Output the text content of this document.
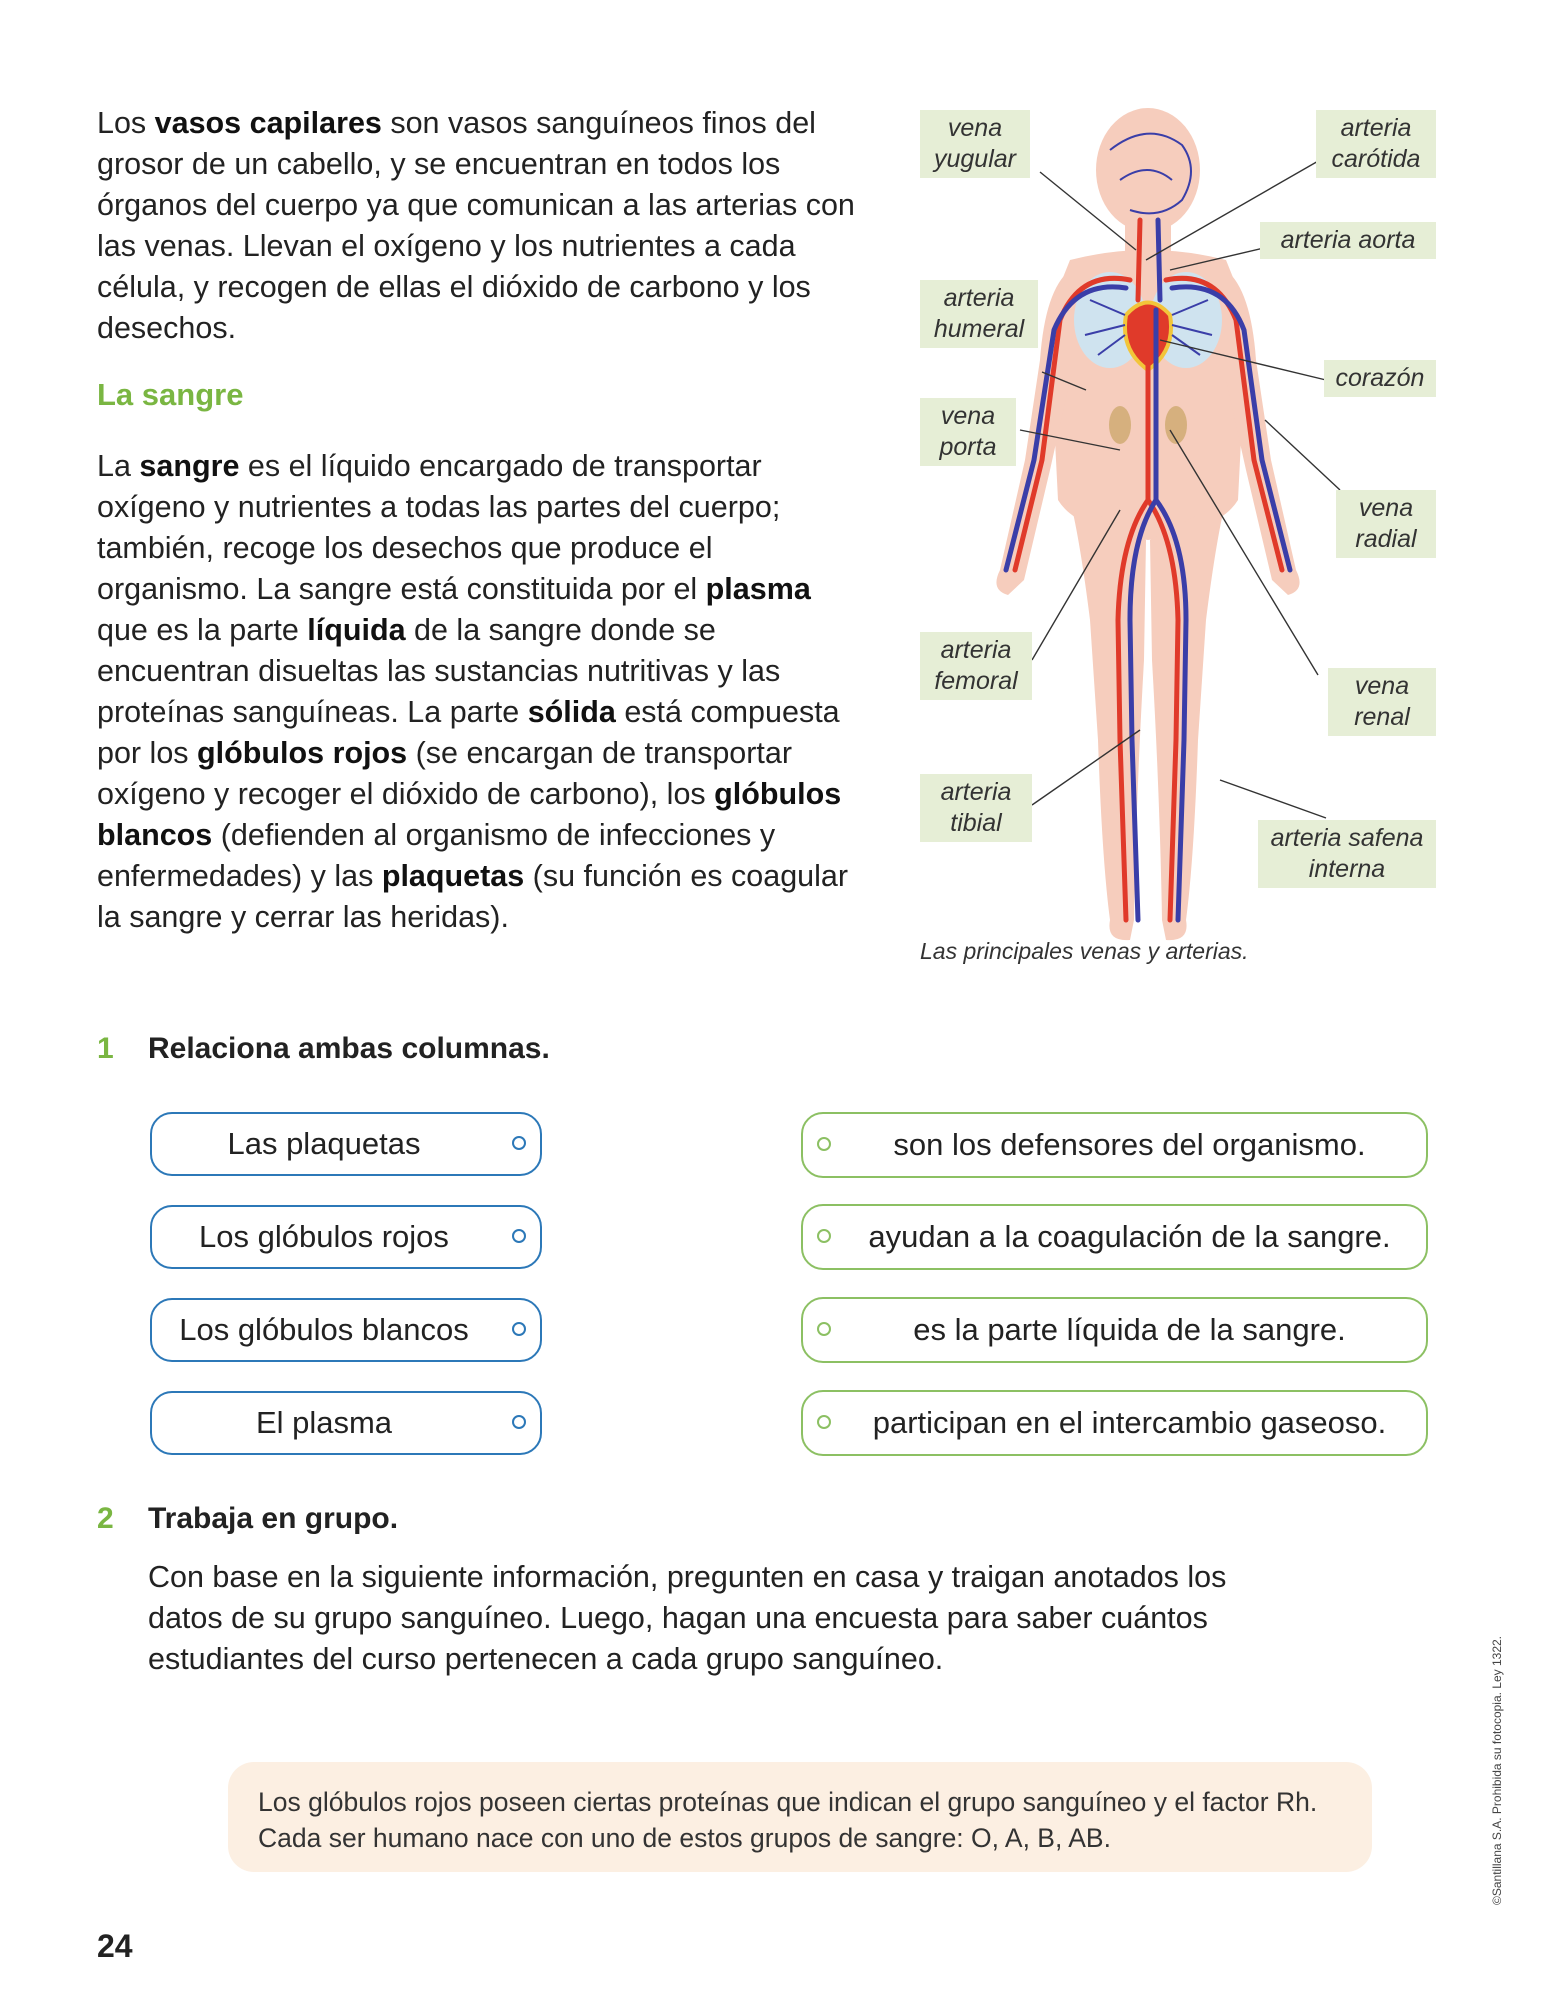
Los vasos capilares son vasos sanguíneos finos del grosor de un cabello, y se encuentran en todos los órganos del cuerpo ya que comunican a las arterias con las venas. Llevan el oxígeno y los nutrientes a cada célula, y recogen de ellas el dióxido de carbono y los desechos.
La sangre
La sangre es el líquido encargado de transportar oxígeno y nutrientes a todas las partes del cuerpo; también, recoge los desechos que produce el organismo. La sangre está constituida por el plasma que es la parte líquida de la sangre donde se encuentran disueltas las sustancias nutritivas y las proteínas sanguíneas. La parte sólida está compuesta por los glóbulos rojos (se encargan de transportar oxígeno y recoger el dióxido de carbono), los glóbulos blancos (defienden al organismo de infecciones y enfermedades) y las plaquetas (su función es coagular la sangre y cerrar las heridas).
vena yugular
arteria humeral
vena porta
arteria femoral
arteria tibial
arteria carótida
arteria aorta
corazón
vena radial
vena renal
arteria safena interna
Las principales venas y arterias.
1 Relaciona ambas columnas.
Las plaquetas
Los glóbulos rojos
Los glóbulos blancos
El plasma
son los defensores del organismo.
ayudan a la coagulación de la sangre.
es la parte líquida de la sangre.
participan en el intercambio gaseoso.
2 Trabaja en grupo.
Con base en la siguiente información, pregunten en casa y traigan anotados los datos de su grupo sanguíneo. Luego, hagan una encuesta para saber cuántos estudiantes del curso pertenecen a cada grupo sanguíneo.
Los glóbulos rojos poseen ciertas proteínas que indican el grupo sanguíneo y el factor Rh. Cada ser humano nace con uno de estos grupos de sangre: O, A, B, AB.	©Santillana S.A. Prohibida su fotocopia. Ley 1322.
24
